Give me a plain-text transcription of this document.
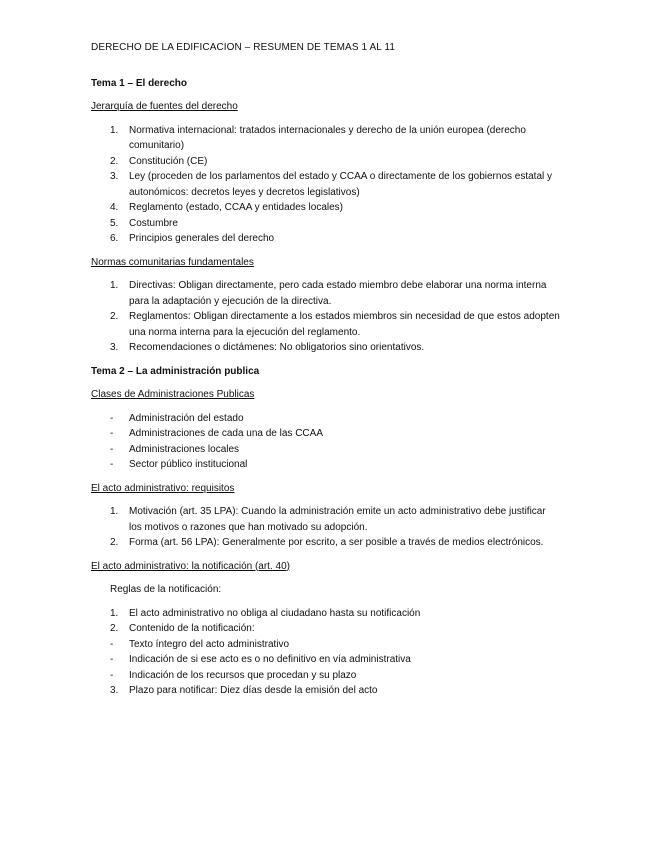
DERECHO DE LA EDIFICACION – RESUMEN DE TEMAS 1 AL 11

Tema 1 – El derecho

Jerarquía de fuentes del derecho

1. Normativa internacional: tratados internacionales y derecho de la unión europea (derecho comunitario)
2. Constitución (CE)
3. Ley (proceden de los parlamentos del estado y CCAA o directamente de los gobiernos estatal y autonómicos: decretos leyes y decretos legislativos)
4. Reglamento (estado, CCAA y entidades locales)
5. Costumbre
6. Principios generales del derecho

Normas comunitarias fundamentales

1. Directivas: Obligan directamente, pero cada estado miembro debe elaborar una norma interna para la adaptación y ejecución de la directiva.
2. Reglamentos: Obligan directamente a los estados miembros sin necesidad de que estos adopten una norma interna para la ejecución del reglamento.
3. Recomendaciones o dictámenes: No obligatorios sino orientativos.

Tema 2 – La administración publica

Clases de Administraciones Publicas

- Administración del estado
- Administraciones de cada una de las CCAA
- Administraciones locales
- Sector público institucional

El acto administrativo: requisitos

1. Motivación (art. 35 LPA): Cuando la administración emite un acto administrativo debe justificar los motivos o razones que han motivado su adopción.
2. Forma (art. 56 LPA): Generalmente por escrito, a ser posible a través de medios electrónicos.

El acto administrativo: la notificación (art. 40)

Reglas de la notificación:

1. El acto administrativo no obliga al ciudadano hasta su notificación
2. Contenido de la notificación:
- Texto íntegro del acto administrativo
- Indicación de si ese acto es o no definitivo en vía administrativa
- Indicación de los recursos que procedan y su plazo
3. Plazo para notificar: Diez días desde la emisión del acto
